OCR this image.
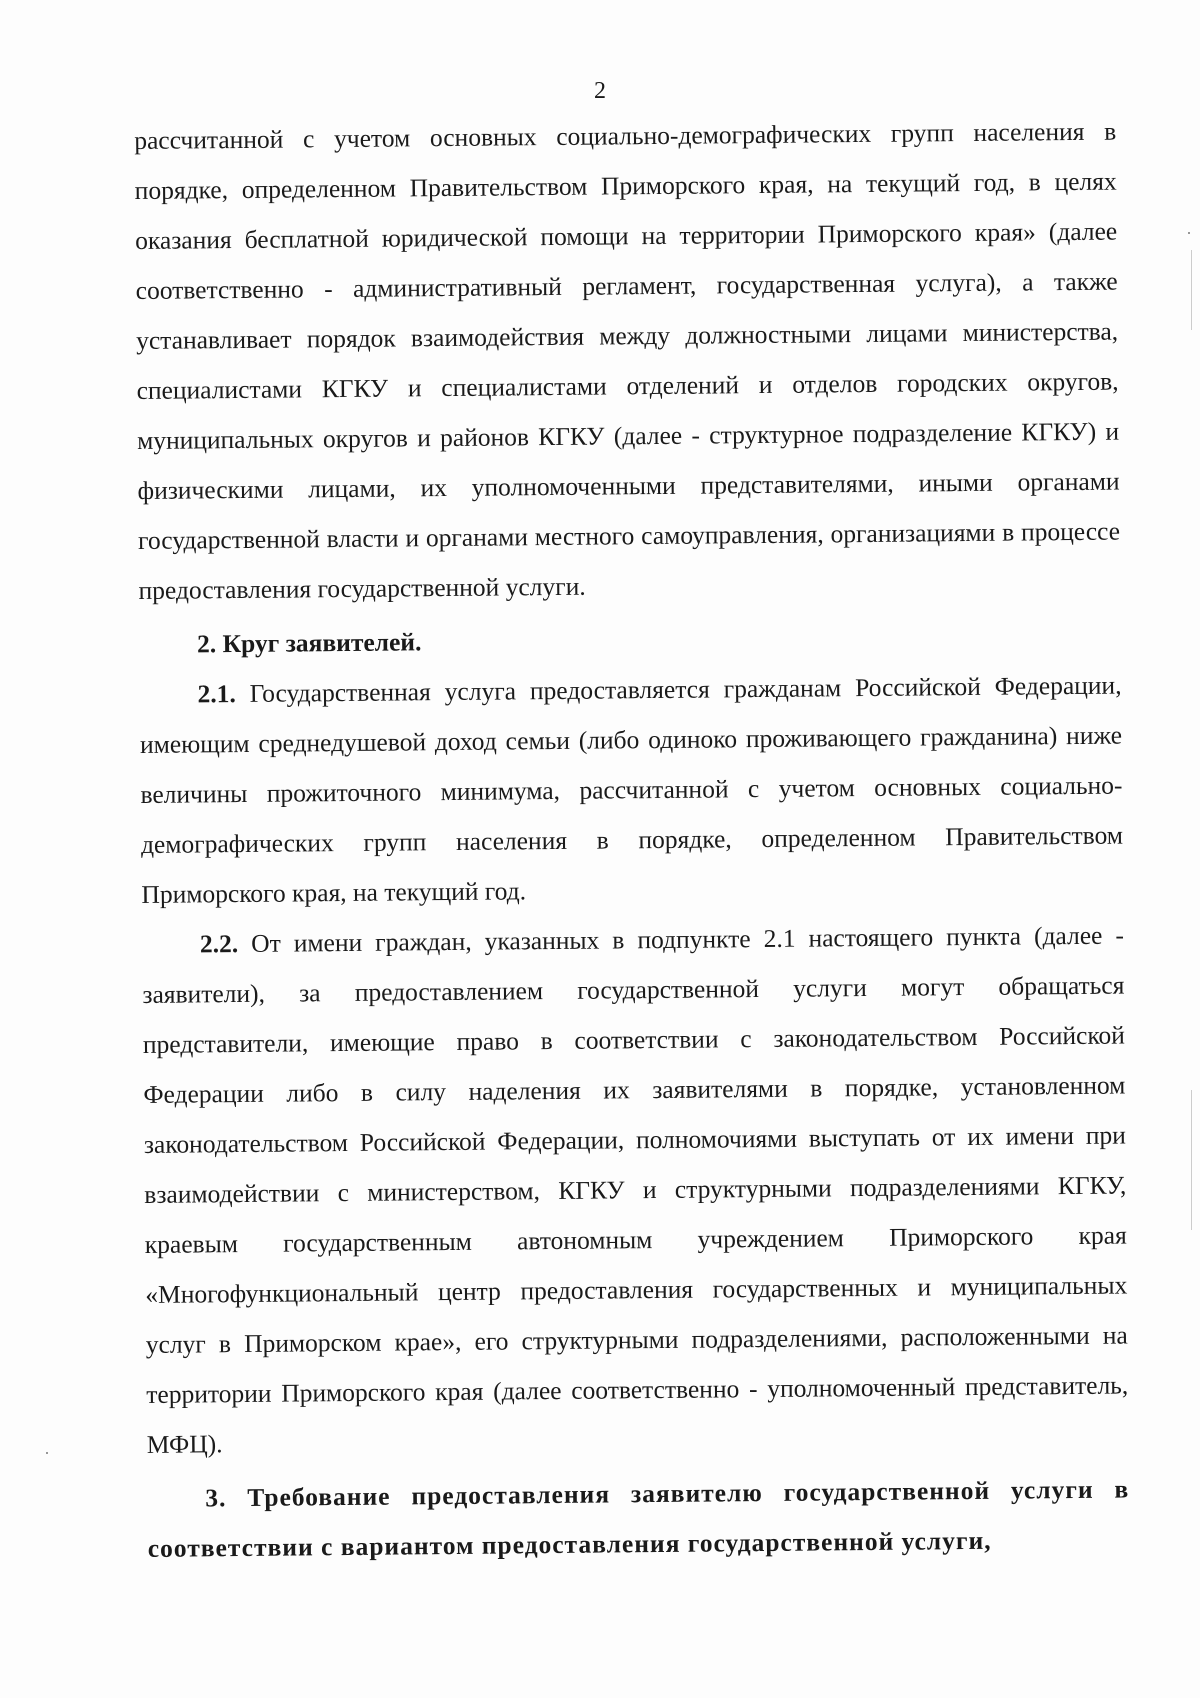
2

рассчитанной с учетом основных социально-демографических групп населения в порядке, определенном Правительством Приморского края, на текущий год, в целях оказания бесплатной юридической помощи на территории Приморского края» (далее соответственно - административный регламент, государственная услуга), а также устанавливает порядок взаимодействия между должностными лицами министерства, специалистами КГКУ и специалистами отделений и отделов городских округов, муниципальных округов и районов КГКУ (далее - структурное подразделение КГКУ) и физическими лицами, их уполномоченными представителями, иными органами государственной власти и органами местного самоуправления, организациями в процессе предоставления государственной услуги.

2. Круг заявителей.

2.1. Государственная услуга предоставляется гражданам Российской Федерации, имеющим среднедушевой доход семьи (либо одиноко проживающего гражданина) ниже величины прожиточного минимума, рассчитанной с учетом основных социально-демографических групп населения в порядке, определенном Правительством Приморского края, на текущий год.

2.2. От имени граждан, указанных в подпункте 2.1 настоящего пункта (далее - заявители), за предоставлением государственной услуги могут обращаться представители, имеющие право в соответствии с законодательством Российской Федерации либо в силу наделения их заявителями в порядке, установленном законодательством Российской Федерации, полномочиями выступать от их имени при взаимодействии с министерством, КГКУ и структурными подразделениями КГКУ, краевым государственным автономным учреждением Приморского края «Многофункциональный центр предоставления государственных и муниципальных услуг в Приморском крае», его структурными подразделениями, расположенными на территории Приморского края (далее соответственно - уполномоченный представитель, МФЦ).

3. Требование предоставления заявителю государственной услуги в соответствии с вариантом предоставления государственной услуги,
